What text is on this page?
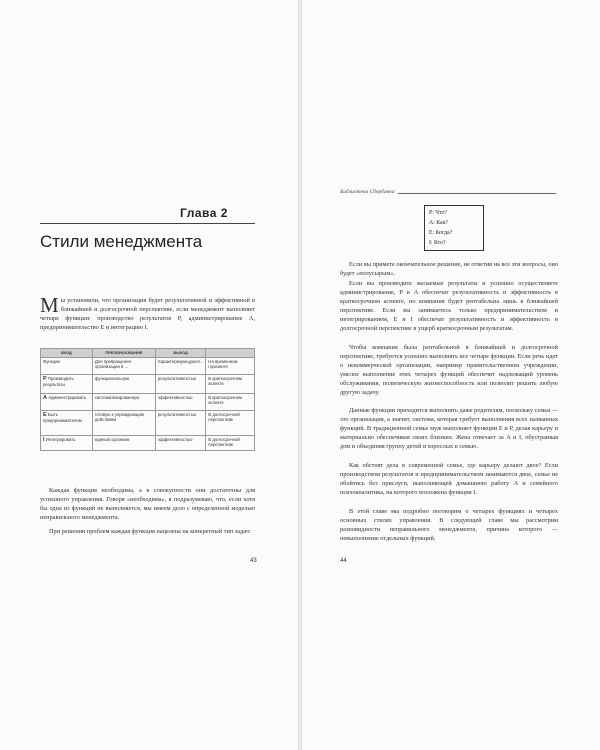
Глава 2
Стили менеджмента

Мы установили, что организация будет результативной и эффективной в ближайшей и долгосрочной перспективе, если менеджмент выполняет четыре функции: производство результатов P, администрирование A, предпринимательство E и интеграцию I.

ВХОД	ПРЕОБРАЗОВАНИЕ	ВЫХОД	
Функции	Для превращения организации в ...	Характеризующуюся...	На временном горизонте
P Производить результаты	функциональную	результативностью	В краткосрочном аспекте
A Администрировать	систематизированную	эффективностью	В краткосрочном аспекте
E Быть предпринимателем	готовую к упреждающим действиям	результативностью	В долгосрочной перспективе
I Интегрировать	единый организм	эффективностью	В долгосрочной перспективе

Каждая функция необходима, а в совокупности они достаточны для успешного управления. Говоря «необходима», я подразумеваю, что, если хотя бы одна из функций не выполняется, мы имеем дело с определенной моделью неправильного менеджмента.

При решении проблем каждая функция нацелена на конкретный тип задач:

43
Библиотека Сбербанка
P: Что?
A: Как?
E: Когда?
I: Кто?

Если вы примете окончательное решение, не ответив на все эти вопросы, оно будет «полусырым».

Если вы производите желаемые результаты и успешно осуществляете администрирование, P и A обеспечат результативность и эффективность в краткосрочном аспекте, но компания будет рентабельна лишь в ближайшей перспективе. Если вы занимаетесь только предпринимательством и интегрированием, E и I обеспечат результативность и эффективность в долгосрочной перспективе в ущерб краткосрочным результатам.

Чтобы компания была рентабельной в ближайшей и долгосрочной перспективе, требуется успешно выполнять все четыре функции. Если речь идет о некоммерческой организации, например правительственном учреждении, умелое выполнение этих четырех функций обеспечит надлежащий уровень обслуживания, политическую жизнеспособность или позволит решить любую другую задачу.

Данные функции приходится выполнять даже родителям, поскольку семья — это организация, а значит, система, которая требует выполнения всех названных функций. В традиционной семье муж выполняет функции E и P, делая карьеру и материально обеспечивая своих близких. Жена отвечает за A и I, обустраивая дом и объединяя группу детей и взрослых в семью.

Как обстоят дела в современной семье, где карьеру делают двое? Если производством результатов и предпринимательством занимаются двое, семье не обойтись без прислуги, выполняющей домашнюю работу A и семейного психоаналитика, на которого возложена функция I.

В этой главе мы подробно поговорим о четырех функциях и четырех основных стилях управления. В следующей главе мы рассмотрим разновидности неправильного менеджмента, причина которого — невыполнение отдельных функций.

44
